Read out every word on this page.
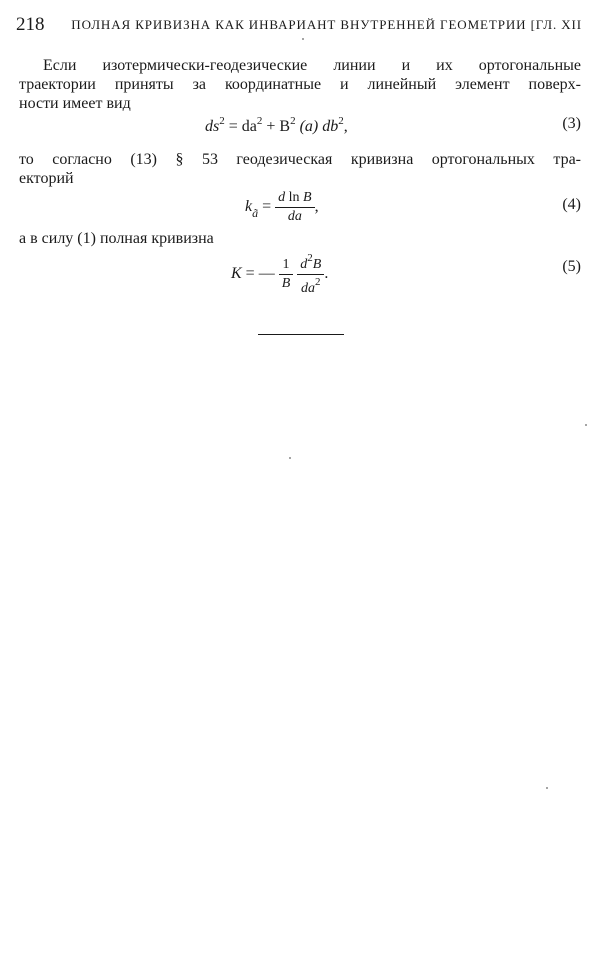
218 ПОЛНАЯ КРИВИЗНА КАК ИНВАРИАНТ ВНУТРЕННЕЙ ГЕОМЕТРИИ [ГЛ. XII
Если изотермически-геодезические линии и их ортогональные
траектории приняты за координатные и линейный элемент поверх-
ности имеет вид
$ds^2 = da^2 + B^2$ (a) $db^2$,	(3)
то согласно (13) § 53 геодезическая кривизна ортогональных тра-
екторий
$k_ã = \frac{\text{d ln B}}{da}$ ,	(4)
а в силу (1) полная кривизна
K = — $\frac{1}{B}$
$\frac{d^2B}{da^2}$ .	(5)
